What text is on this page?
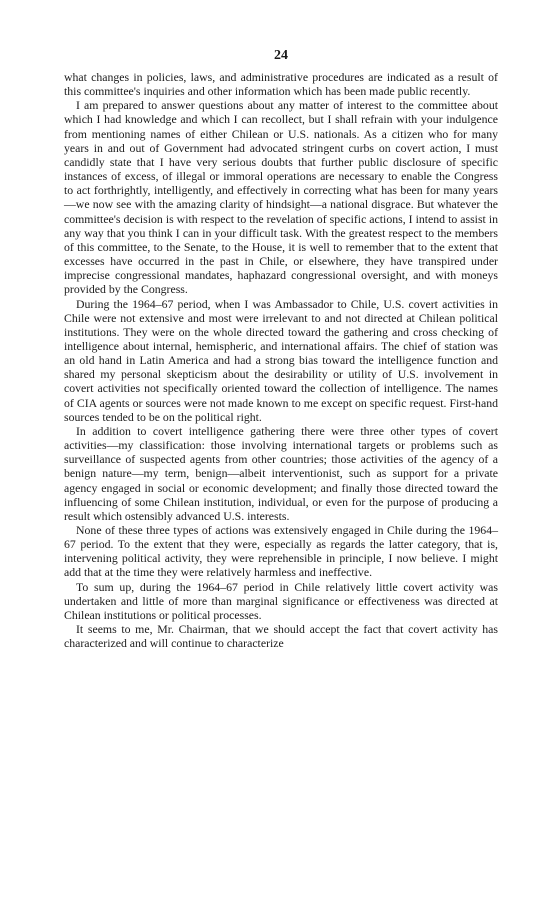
24

what changes in policies, laws, and administrative procedures are indicated as a result of this committee's inquiries and other information which has been made public recently.

I am prepared to answer questions about any matter of interest to the committee about which I had knowledge and which I can recollect, but I shall refrain with your indulgence from mentioning names of either Chilean or U.S. nationals. As a citizen who for many years in and out of Government had advocated stringent curbs on covert action, I must candidly state that I have very serious doubts that further public disclosure of specific instances of excess, of illegal or immoral operations are necessary to enable the Congress to act forthrightly, intelligently, and effectively in correcting what has been for many years—we now see with the amazing clarity of hindsight—a national disgrace. But whatever the committee's decision is with respect to the revelation of specific actions, I intend to assist in any way that you think I can in your difficult task. With the greatest respect to the members of this committee, to the Senate, to the House, it is well to remember that to the extent that excesses have occurred in the past in Chile, or elsewhere, they have transpired under imprecise congressional mandates, haphazard congressional oversight, and with moneys provided by the Congress.

During the 1964–67 period, when I was Ambassador to Chile, U.S. covert activities in Chile were not extensive and most were irrelevant to and not directed at Chilean political institutions. They were on the whole directed toward the gathering and cross checking of intelligence about internal, hemispheric, and international affairs. The chief of station was an old hand in Latin America and had a strong bias toward the intelligence function and shared my personal skepticism about the desirability or utility of U.S. involvement in covert activities not specifically oriented toward the collection of intelligence. The names of CIA agents or sources were not made known to me except on specific request. First-hand sources tended to be on the political right.

In addition to covert intelligence gathering there were three other types of covert activities—my classification: those involving international targets or problems such as surveillance of suspected agents from other countries; those activities of the agency of a benign nature—my term, benign—albeit interventionist, such as support for a private agency engaged in social or economic development; and finally those directed toward the influencing of some Chilean institution, individual, or even for the purpose of producing a result which ostensibly advanced U.S. interests.

None of these three types of actions was extensively engaged in Chile during the 1964–67 period. To the extent that they were, especially as regards the latter category, that is, intervening political activity, they were reprehensible in principle, I now believe. I might add that at the time they were relatively harmless and ineffective.

To sum up, during the 1964–67 period in Chile relatively little covert activity was undertaken and little of more than marginal significance or effectiveness was directed at Chilean institutions or political processes.

It seems to me, Mr. Chairman, that we should accept the fact that covert activity has characterized and will continue to characterize
